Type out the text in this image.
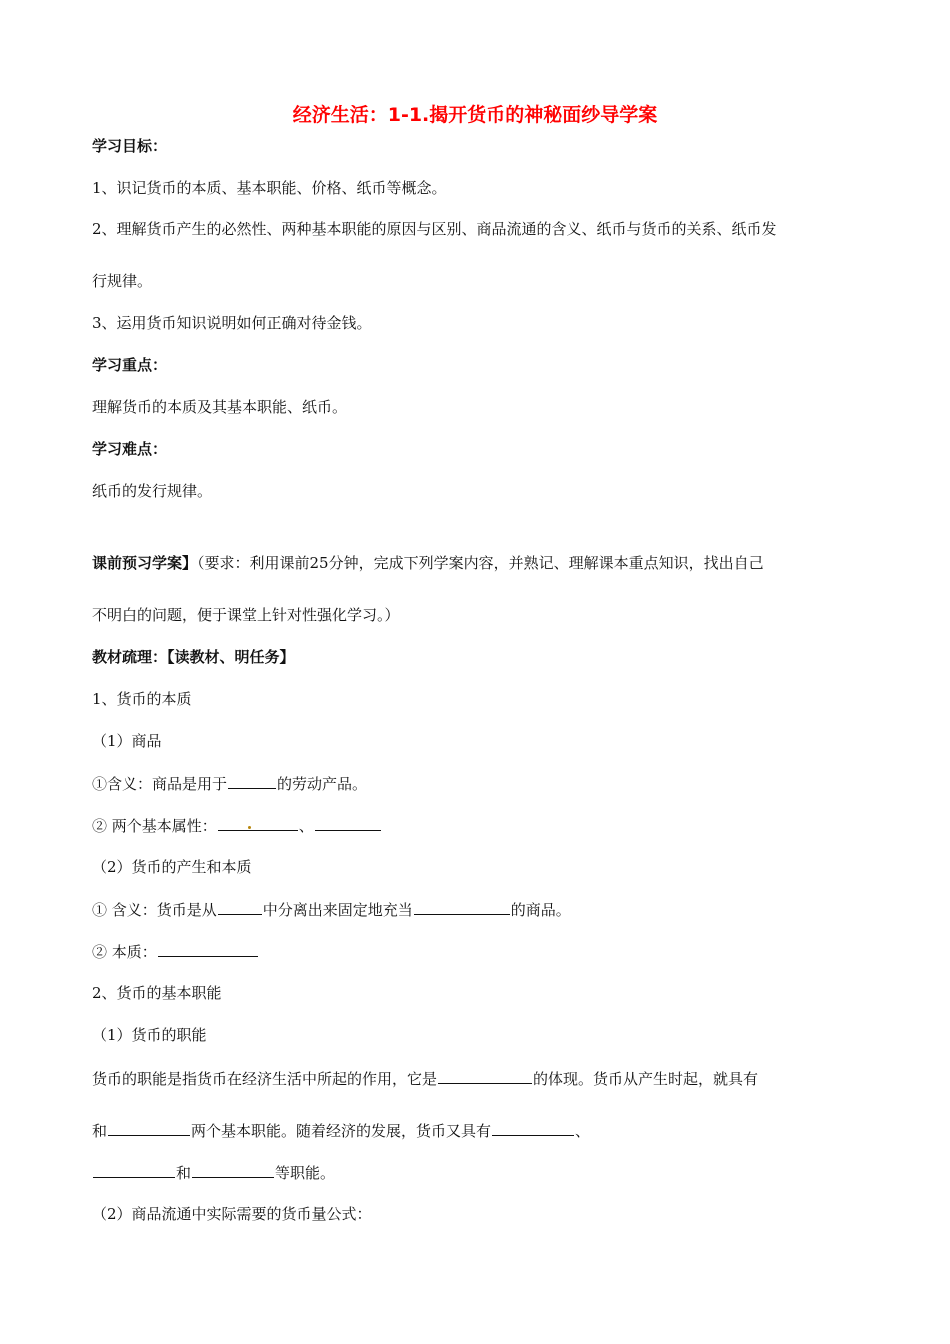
经济生活：1-1.揭开货币的神秘面纱导学案
学习目标：
1、识记货币的本质、基本职能、价格、纸币等概念。
2、理解货币产生的必然性、两种基本职能的原因与区别、商品流通的含义、纸币与货币的关系、纸币发
行规律。
3、运用货币知识说明如何正确对待金钱。
学习重点：
理解货币的本质及其基本职能、纸币。
学习难点：
纸币的发行规律。
课前预习学案】（要求：利用课前25分钟，完成下列学案内容，并熟记、理解课本重点知识，找出自己
不明白的问题，便于课堂上针对性强化学习。）
教材疏理：【读教材、明任务】
1、货币的本质
（1）商品
①含义：商品是用于	的劳动产品。
② 两个基本属性：	、
（2）货币的产生和本质
① 含义：货币是从	中分离出来固定地充当	的商品。
② 本质：
2、货币的基本职能
（1）货币的职能
货币的职能是指货币在经济生活中所起的作用，它是	的体现。货币从产生时起，就具有
和	两个基本职能。随着经济的发展，货币又具有	、
和	等职能。
（2）商品流通中实际需要的货币量公式：
